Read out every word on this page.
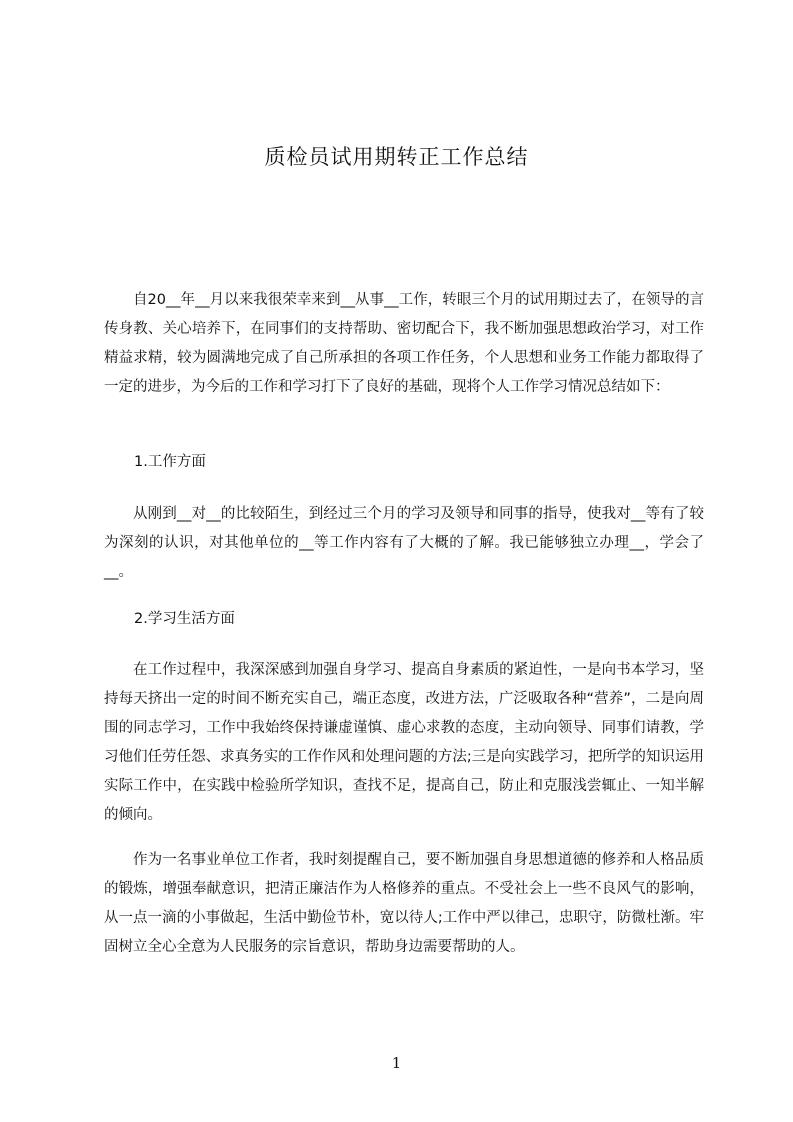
质检员试用期转正工作总结

自20__年__月以来我很荣幸来到__从事__工作，转眼三个月的试用期过去了，在领导的言传身教、关心培养下，在同事们的支持帮助、密切配合下，我不断加强思想政治学习，对工作精益求精，较为圆满地完成了自己所承担的各项工作任务，个人思想和业务工作能力都取得了一定的进步，为今后的工作和学习打下了良好的基础，现将个人工作学习情况总结如下：

1.工作方面

从刚到__对__的比较陌生，到经过三个月的学习及领导和同事的指导，使我对__等有了较为深刻的认识，对其他单位的__等工作内容有了大概的了解。我已能够独立办理__，学会了__。

2.学习生活方面

在工作过程中，我深深感到加强自身学习、提高自身素质的紧迫性，一是向书本学习，坚持每天挤出一定的时间不断充实自己，端正态度，改进方法，广泛吸取各种“营养”，二是向周围的同志学习，工作中我始终保持谦虚谨慎、虚心求教的态度，主动向领导、同事们请教，学习他们任劳任怨、求真务实的工作作风和处理问题的方法;三是向实践学习，把所学的知识运用实际工作中，在实践中检验所学知识，查找不足，提高自己，防止和克服浅尝辄止、一知半解的倾向。

作为一名事业单位工作者，我时刻提醒自己，要不断加强自身思想道德的修养和人格品质的锻炼，增强奉献意识，把清正廉洁作为人格修养的重点。不受社会上一些不良风气的影响，从一点一滴的小事做起，生活中勤俭节朴，宽以待人;工作中严以律己，忠职守，防微杜渐。牢固树立全心全意为人民服务的宗旨意识，帮助身边需要帮助的人。

1
